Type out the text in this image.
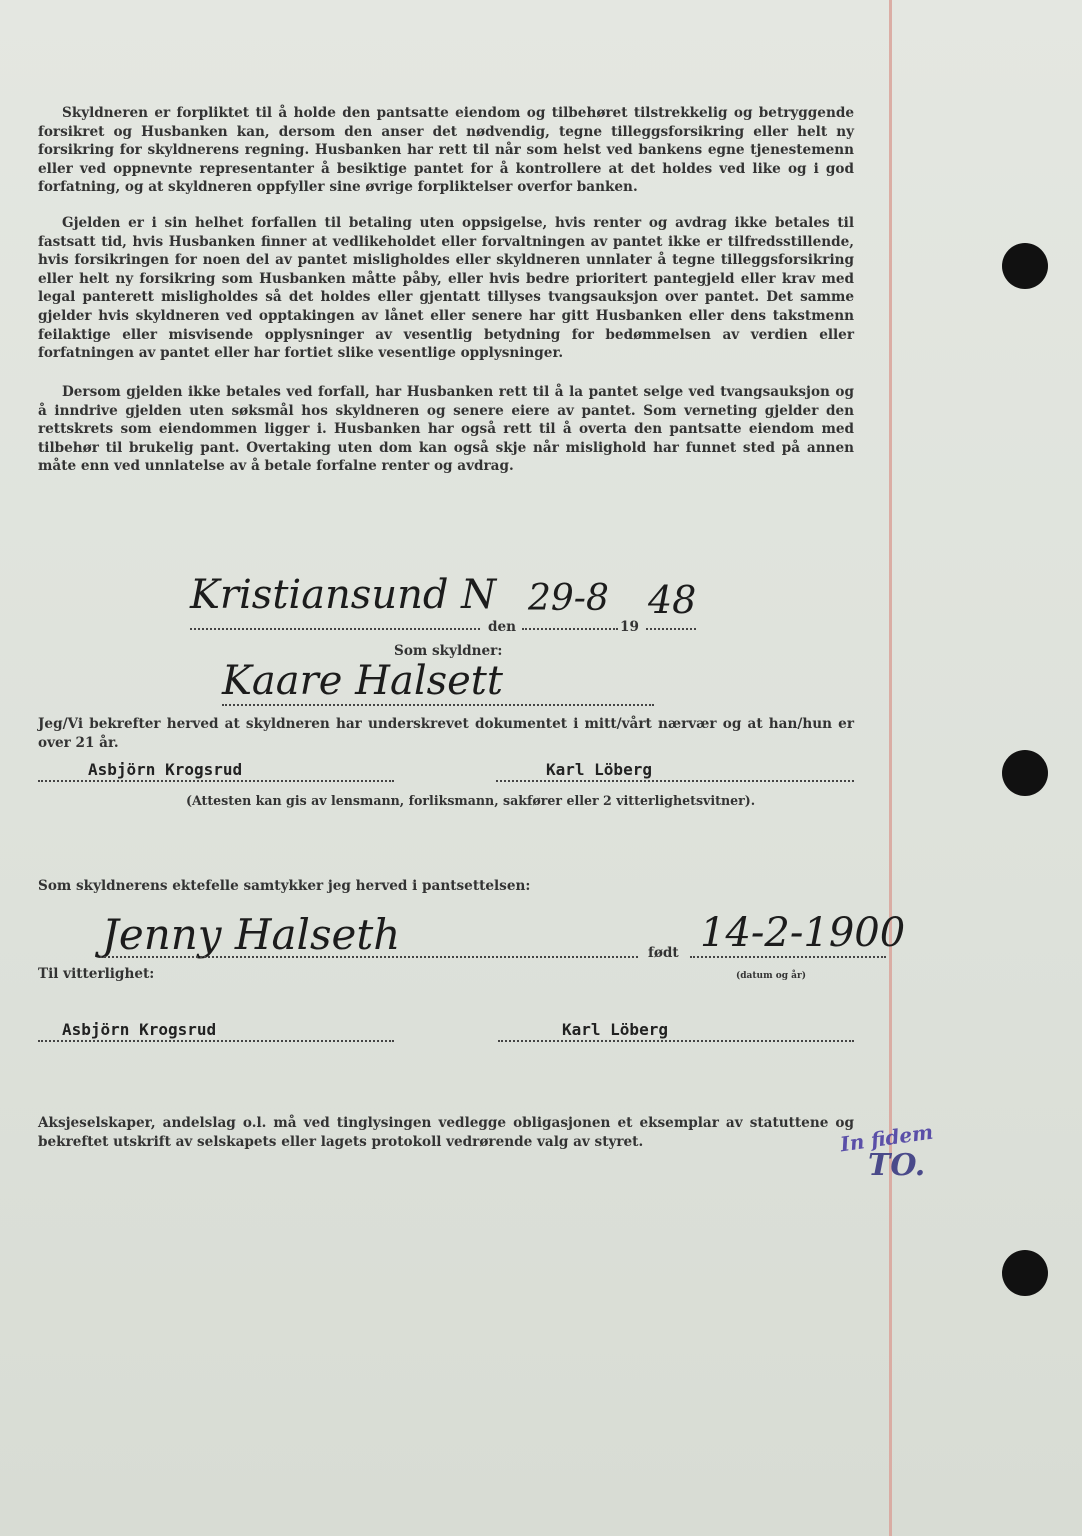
Skyldneren er forpliktet til å holde den pantsatte eiendom og tilbehøret tilstrekkelig og betryggende forsikret og Husbanken kan, dersom den anser det nødvendig, tegne tilleggsforsikring eller helt ny forsikring for skyldnerens regning. Husbanken har rett til når som helst ved bankens egne tjenestemenn eller ved oppnevnte representanter å besiktige pantet for å kontrollere at det holdes ved like og i god forfatning, og at skyldneren oppfyller sine øvrige forpliktelser overfor banken.

Gjelden er i sin helhet forfallen til betaling uten oppsigelse, hvis renter og avdrag ikke betales til fastsatt tid, hvis Husbanken finner at vedlikeholdet eller forvaltningen av pantet ikke er tilfredsstillende, hvis forsikringen for noen del av pantet misligholdes eller skyldneren unnlater å tegne tilleggsforsikring eller helt ny forsikring som Husbanken måtte påby, eller hvis bedre prioritert pantegjeld eller krav med legal panterett misligholdes så det holdes eller gjentatt tillyses tvangsauksjon over pantet. Det samme gjelder hvis skyldneren ved opptakingen av lånet eller senere har gitt Husbanken eller dens takstmenn feilaktige eller misvisende opplysninger av vesentlig betydning for bedømmelsen av verdien eller forfatningen av pantet eller har fortiet slike vesentlige opplysninger.

Dersom gjelden ikke betales ved forfall, har Husbanken rett til å la pantet selge ved tvangsauksjon og å inndrive gjelden uten søksmål hos skyldneren og senere eiere av pantet. Som verneting gjelder den rettskrets som eiendommen ligger i. Husbanken har også rett til å overta den pantsatte eiendom med tilbehør til brukelig pant. Overtaking uten dom kan også skje når mislighold har funnet sted på annen måte enn ved unnlatelse av å betale forfalne renter og avdrag.

Kristiansund N
den
29-8
19
48
Som skyldner:
Kaare Halsett

Jeg/Vi bekrefter herved at skyldneren har underskrevet dokumentet i mitt/vårt nærvær og at han/hun er over 21 år.

Asbjörn Krogsrud	Karl Löberg
(Attesten kan gis av lensmann, forliksmann, sakfører eller 2 vitterlighetsvitner).
Som skyldnerens ektefelle samtykker jeg herved i pantsettelsen:
Jenny Halseth	født 14-2-1900
(datum og år)
Til vitterlighet:
Asbjörn Krogsrud	Karl Löberg

Aksjeselskaper, andelslag o.l. må ved tinglysingen vedlegge obligasjonen et eksemplar av statuttene og bekreftet utskrift av selskapets eller lagets protokoll vedrørende valg av styret.	In fidem
TO.
